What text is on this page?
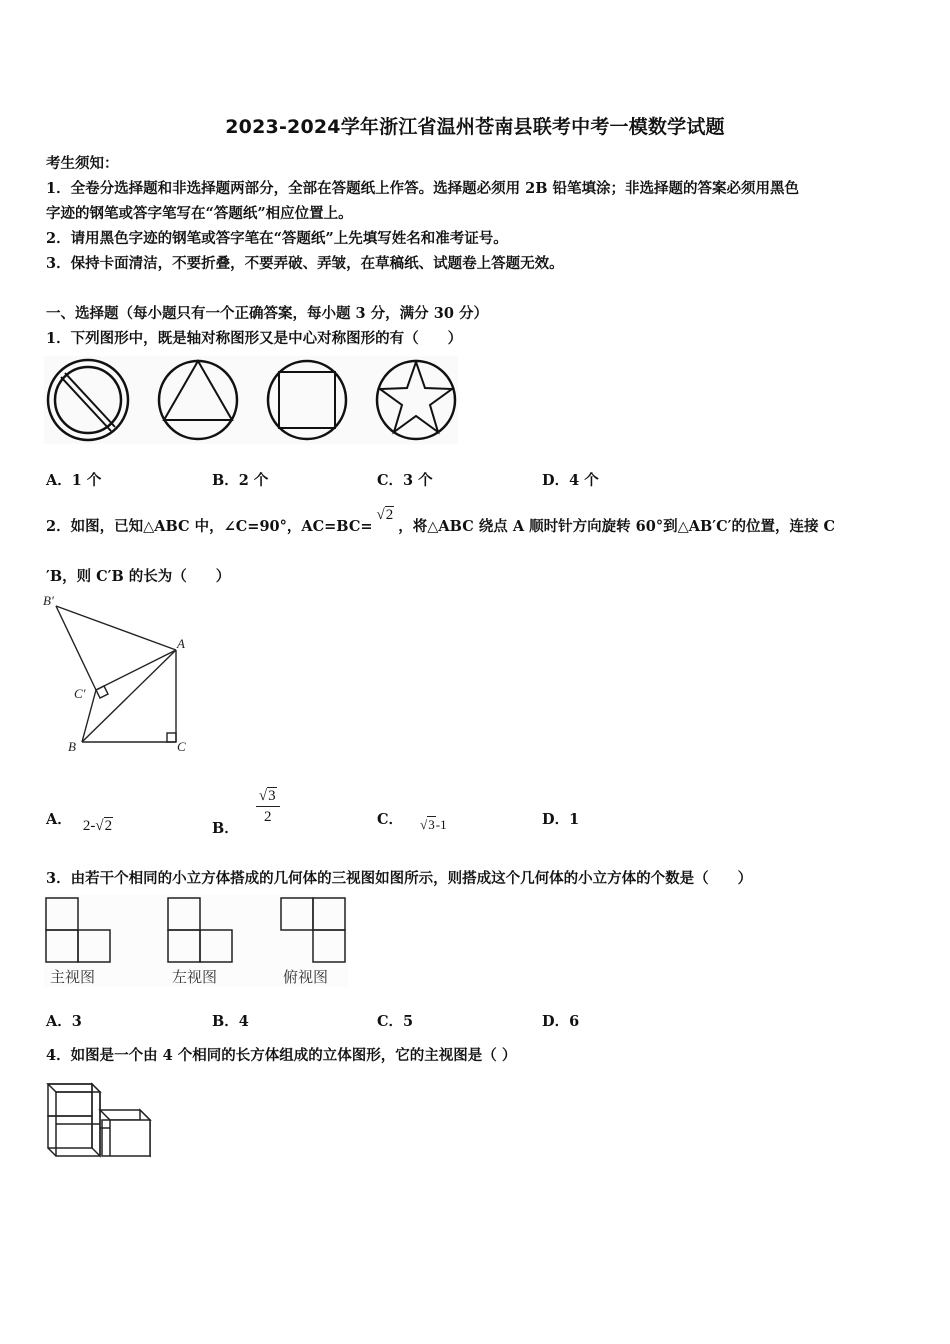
2023-2024学年浙江省温州苍南县联考中考一模数学试题
考生须知：
1．全卷分选择题和非选择题两部分，全部在答题纸上作答。选择题必须用 2B 铅笔填涂；非选择题的答案必须用黑色
字迹的钢笔或答字笔写在“答题纸”相应位置上。
2．请用黑色字迹的钢笔或答字笔在“答题纸”上先填写姓名和准考证号。
3．保持卡面清洁，不要折叠，不要弄破、弄皱，在草稿纸、试题卷上答题无效。
一、选择题（每小题只有一个正确答案，每小题 3 分，满分 30 分）
1．下列图形中，既是轴对称图形又是中心对称图形的有（　　）
A．1 个	B．2 个	C．3 个	D．4 个
2．如图，已知△ABC 中，∠C=90°，AC=BC=√2，将△ABC 绕点 A 顺时针方向旋转 60°到△AB′C′的位置，连接 C
′B，则 C′B 的长为（　　）
B′
A
C′
B	C
A． 2-√2	B．
$\frac{√3}{2}$	C． √3-1	D．1
3．由若干个相同的小立方体搭成的几何体的三视图如图所示，则搭成这个几何体的小立方体的个数是（　　）
主视图	左视图	俯视图
A．3	B．4	C．5	D．6
4．如图是一个由 4 个相同的长方体组成的立体图形，它的主视图是（ ）
